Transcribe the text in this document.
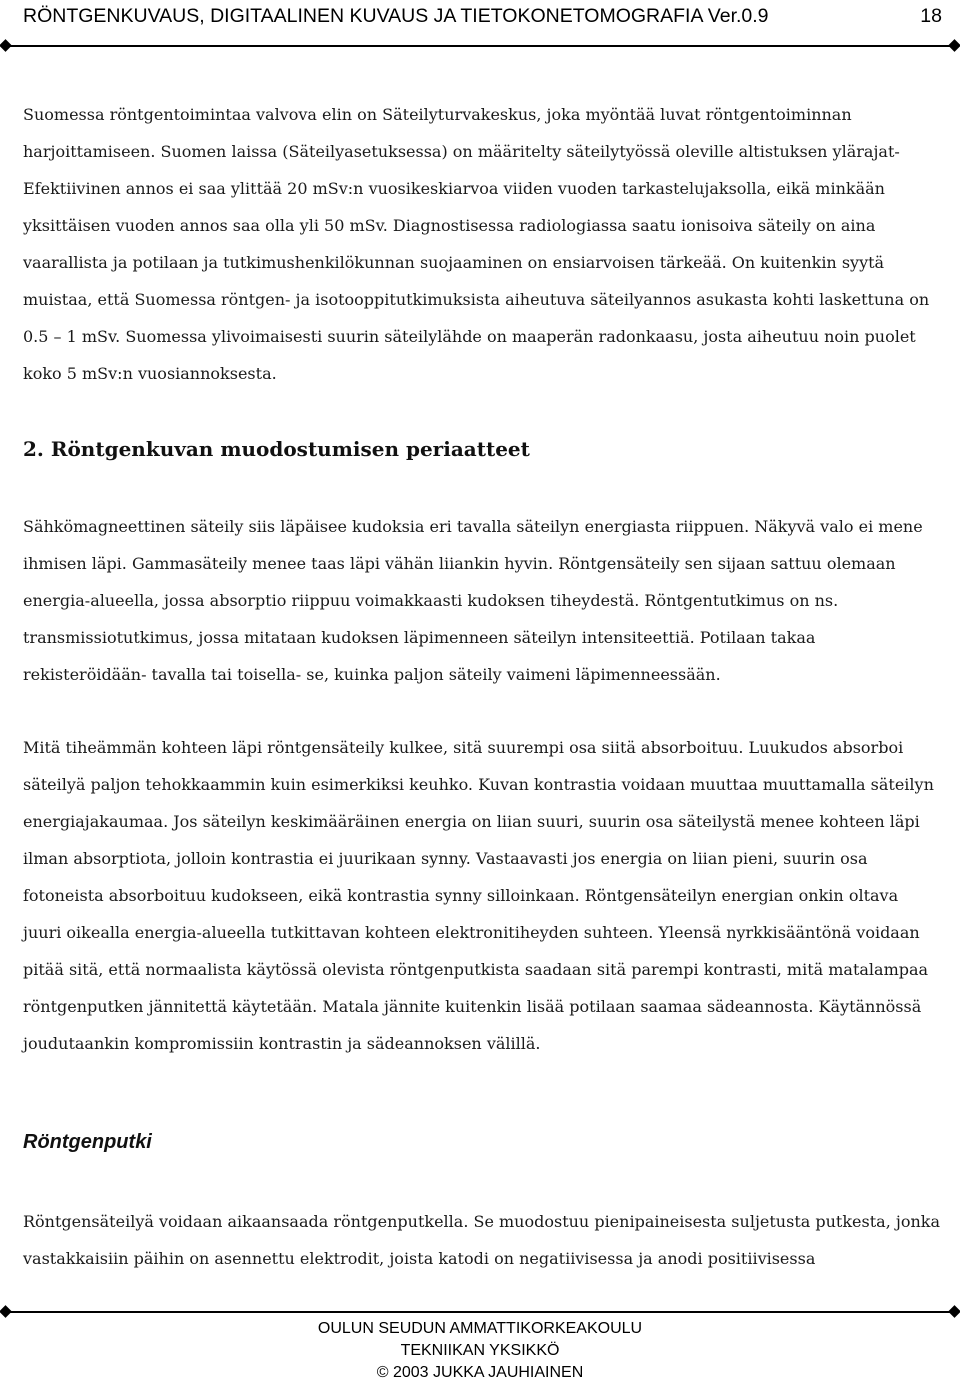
RÖNTGENKUVAUS, DIGITAALINEN KUVAUS JA TIETOKONETOMOGRAFIA Ver.0.9	18
Suomessa röntgentoimintaa valvova elin on Säteilyturvakeskus, joka myöntää luvat röntgentoiminnan harjoittamiseen. Suomen laissa (Säteilyasetuksessa) on määritelty säteilytyössä oleville altistuksen ylärajat- Efektiivinen annos ei saa ylittää 20 mSv:n vuosikeskiarvoa viiden vuoden tarkastelujaksolla, eikä minkään yksittäisen vuoden annos saa olla yli 50 mSv. Diagnostisessa radiologiassa saatu ionisoiva säteily on aina vaarallista ja potilaan ja tutkimushenkilökunnan suojaaminen on ensiarvoisen tärkeää. On kuitenkin syytä muistaa, että Suomessa röntgen- ja isotooppitutkimuksista aiheutuva säteilyannos asukasta kohti laskettuna on 0.5 – 1 mSv. Suomessa ylivoimaisesti suurin säteilylähde on maaperän radonkaasu, josta aiheutuu noin puolet koko 5 mSv:n vuosiannoksesta.
2. Röntgenkuvan muodostumisen periaatteet
Sähkömagneettinen säteily siis läpäisee kudoksia eri tavalla säteilyn energiasta riippuen. Näkyvä valo ei mene ihmisen läpi. Gammasäteily menee taas läpi vähän liiankin hyvin. Röntgensäteily sen sijaan sattuu olemaan energia-alueella, jossa absorptio riippuu voimakkaasti kudoksen tiheydestä. Röntgentutkimus on ns. transmissiotutkimus, jossa mitataan kudoksen läpimenneen säteilyn intensiteettiä. Potilaan takaa rekisteröidään- tavalla tai toisella- se, kuinka paljon säteily vaimeni läpimenneessään.
Mitä tiheämmän kohteen läpi röntgensäteily kulkee, sitä suurempi osa siitä absorboituu. Luukudos absorboi säteilyä paljon tehokkaammin kuin esimerkiksi keuhko. Kuvan kontrastia voidaan muuttaa muuttamalla säteilyn energiajakaumaa. Jos säteilyn keskimääräinen energia on liian suuri, suurin osa säteilystä menee kohteen läpi ilman absorptiota, jolloin kontrastia ei juurikaan synny. Vastaavasti jos energia on liian pieni, suurin osa fotoneista absorboituu kudokseen, eikä kontrastia synny silloinkaan. Röntgensäteilyn energian onkin oltava juuri oikealla energia-alueella tutkittavan kohteen elektronitiheyden suhteen. Yleensä nyrkkisääntönä voidaan pitää sitä, että normaalista käytössä olevista röntgenputkista saadaan sitä parempi kontrasti, mitä matalampaa röntgenputken jännitettä käytetään. Matala jännite kuitenkin lisää potilaan saamaa sädeannosta. Käytännössä joudutaankin kompromissiin kontrastin ja sädeannoksen välillä.
Röntgenputki
Röntgensäteilyä voidaan aikaansaada röntgenputkella. Se muodostuu pienipaineisesta suljetusta putkesta, jonka vastakkaisiin päihin on asennettu elektrodit, joista katodi on negatiivisessa ja anodi positiivisessa
OULUN SEUDUN AMMATTIKORKEAKOULU
TEKNIIKAN YKSIKKÖ
© 2003 JUKKA JAUHIAINEN
